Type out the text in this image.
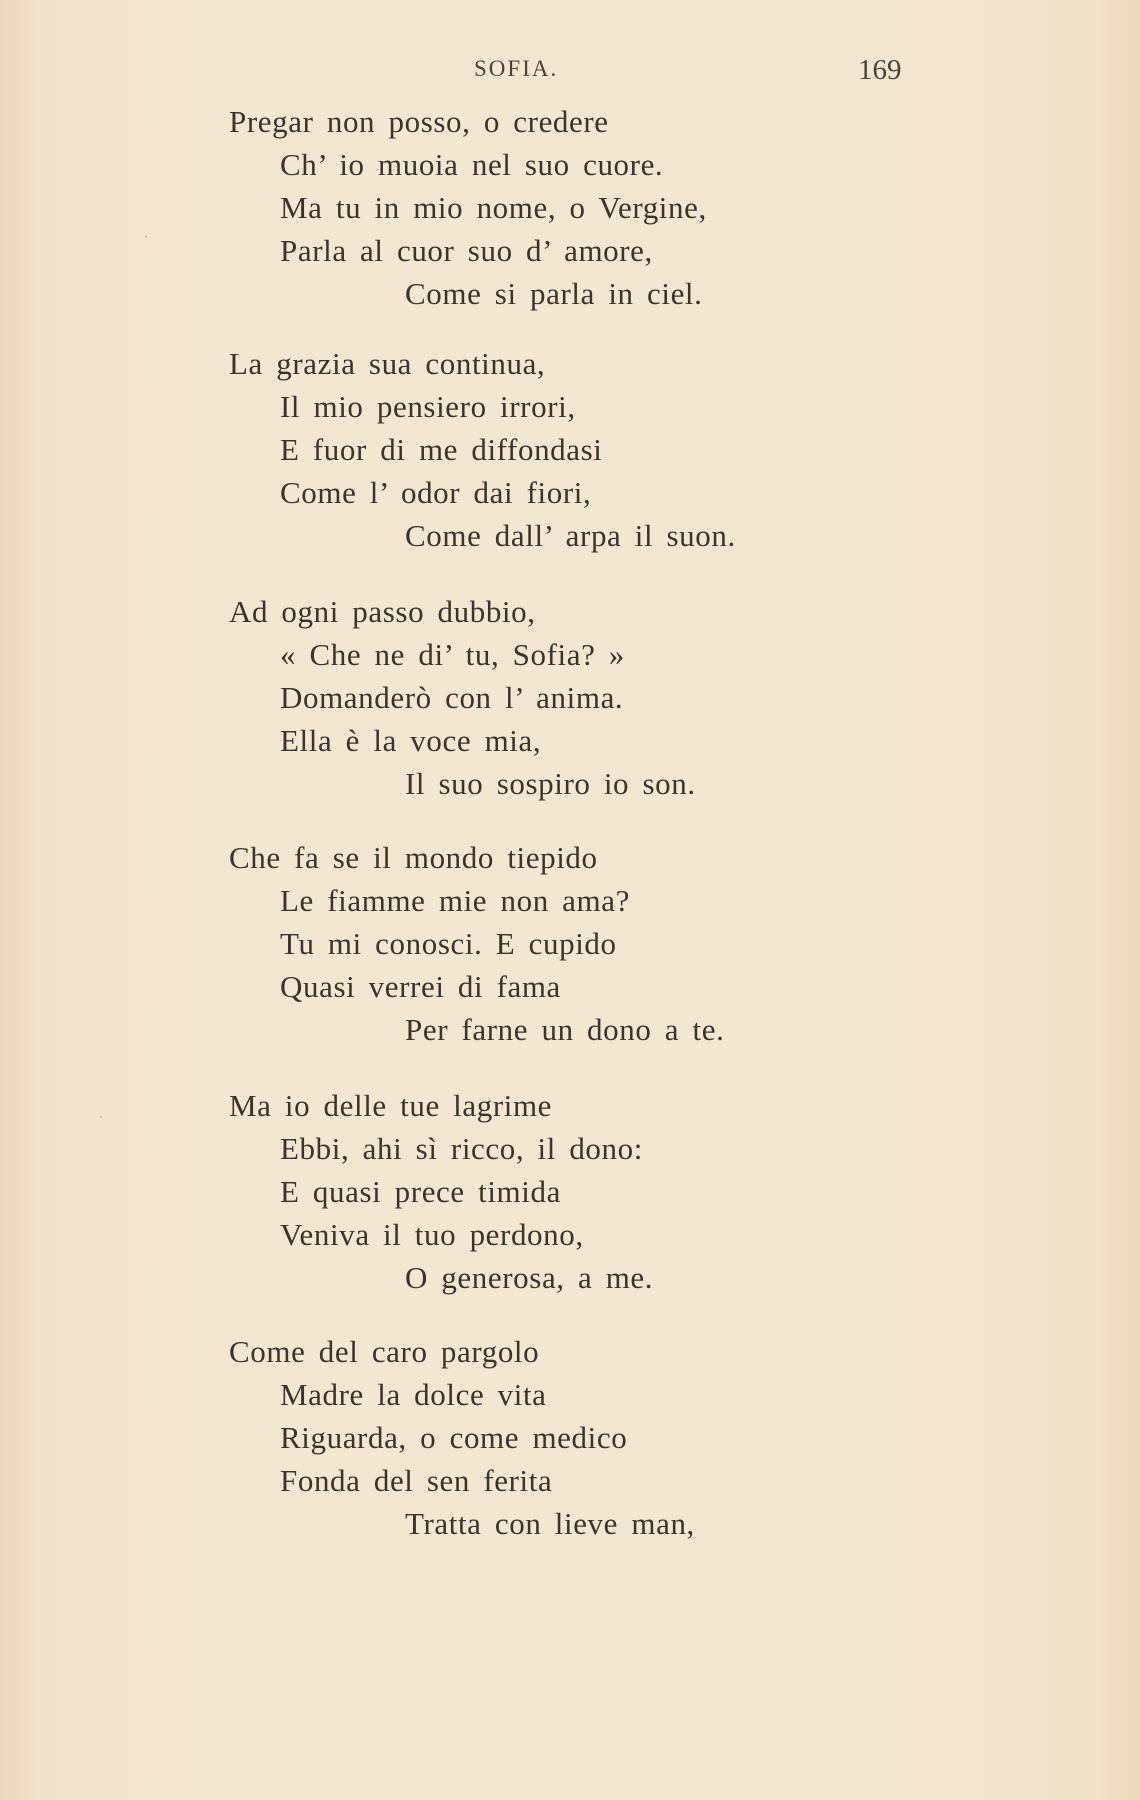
SOFIA.	169
Pregar non posso, o credere
Ch’ io muoia nel suo cuore.
Ma tu in mio nome, o Vergine,
Parla al cuor suo d’ amore,
Come si parla in ciel.
La grazia sua continua,
Il mio pensiero irrori,
E fuor di me diffondasi
Come l’ odor dai fiori,
Come dall’ arpa il suon.
Ad ogni passo dubbio,
« Che ne di’ tu, Sofia? »
Domanderò con l’ anima.
Ella è la voce mia,
Il suo sospiro io son.
Che fa se il mondo tiepido
Le fiamme mie non ama?
Tu mi conosci. E cupido
Quasi verrei di fama
Per farne un dono a te.
Ma io delle tue lagrime
Ebbi, ahi sì ricco, il dono:
E quasi prece timida
Veniva il tuo perdono,
O generosa, a me.
Come del caro pargolo
Madre la dolce vita
Riguarda, o come medico
Fonda del sen ferita
Tratta con lieve man,
